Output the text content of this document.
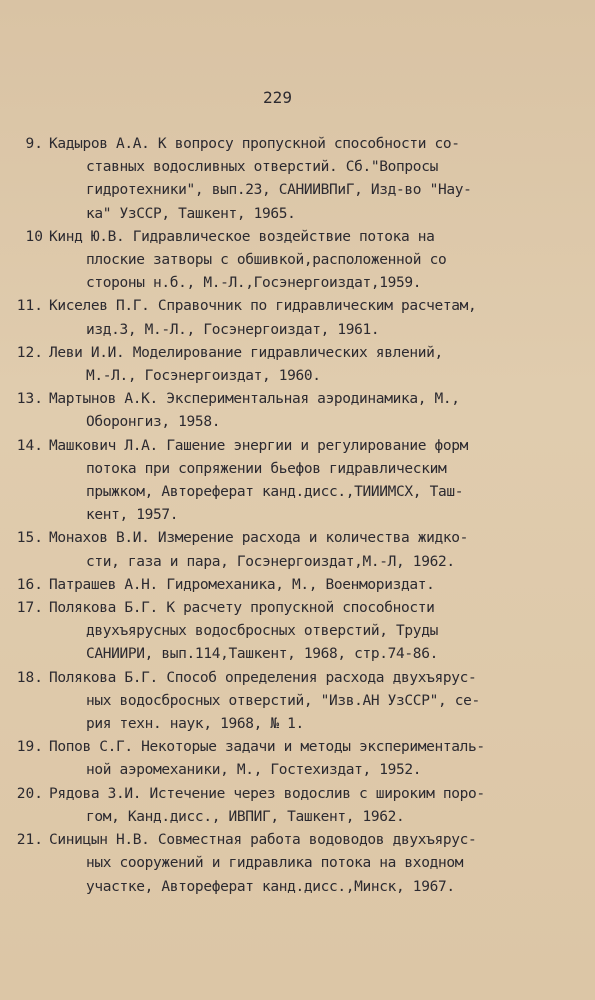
229
9. Кадыров А.А. К вопросу пропускной способности со-
ставных водосливных отверстий. Сб."Вопросы
гидротехники", вып.23, САНИИВПиГ, Изд-во "Нау-
ка" УзССР, Ташкент, 1965.
10 Кинд Ю.В. Гидравлическое воздействие потока на
плоские затворы с обшивкой,расположенной со
стороны н.б., М.-Л.,Госэнергоиздат,1959.
11. Киселев П.Г. Справочник по гидравлическим расчетам,
изд.3, М.-Л., Госэнергоиздат, 1961.
12. Леви И.И. Моделирование гидравлических явлений,
М.-Л., Госэнергоиздат, 1960.
13. Мартынов А.К. Экспериментальная аэродинамика, М.,
Оборонгиз, 1958.
14. Машкович Л.А. Гашение энергии и регулирование форм
потока при сопряжении бьефов гидравлическим
прыжком, Автореферат канд.дисс.,ТИИИМСХ, Таш-
кент, 1957.
15. Монахов В.И. Измерение расхода и количества жидко-
сти, газа и пара, Госэнергоиздат,М.-Л, 1962.
16. Патрашев А.Н. Гидромеханика, М., Военмориздат.
17. Полякова Б.Г. К расчету пропускной способности
двухъярусных водосбросных отверстий, Труды
САНИИРИ, вып.114,Ташкент, 1968, стр.74-86.
18. Полякова Б.Г. Способ определения расхода двухъярус-
ных водосбросных отверстий, "Изв.АН УзССР", се-
рия техн. наук, 1968, № 1.
19. Попов С.Г. Некоторые задачи и методы эксперименталь-
ной аэромеханики, М., Гостехиздат, 1952.
20. Рядова З.И. Истечение через водослив с широким поро-
гом, Канд.дисс., ИВПИГ, Ташкент, 1962.
21. Синицын Н.В. Совместная работа водоводов двухъярус-
ных сооружений и гидравлика потока на входном
участке, Автореферат канд.дисс.,Минск, 1967.
